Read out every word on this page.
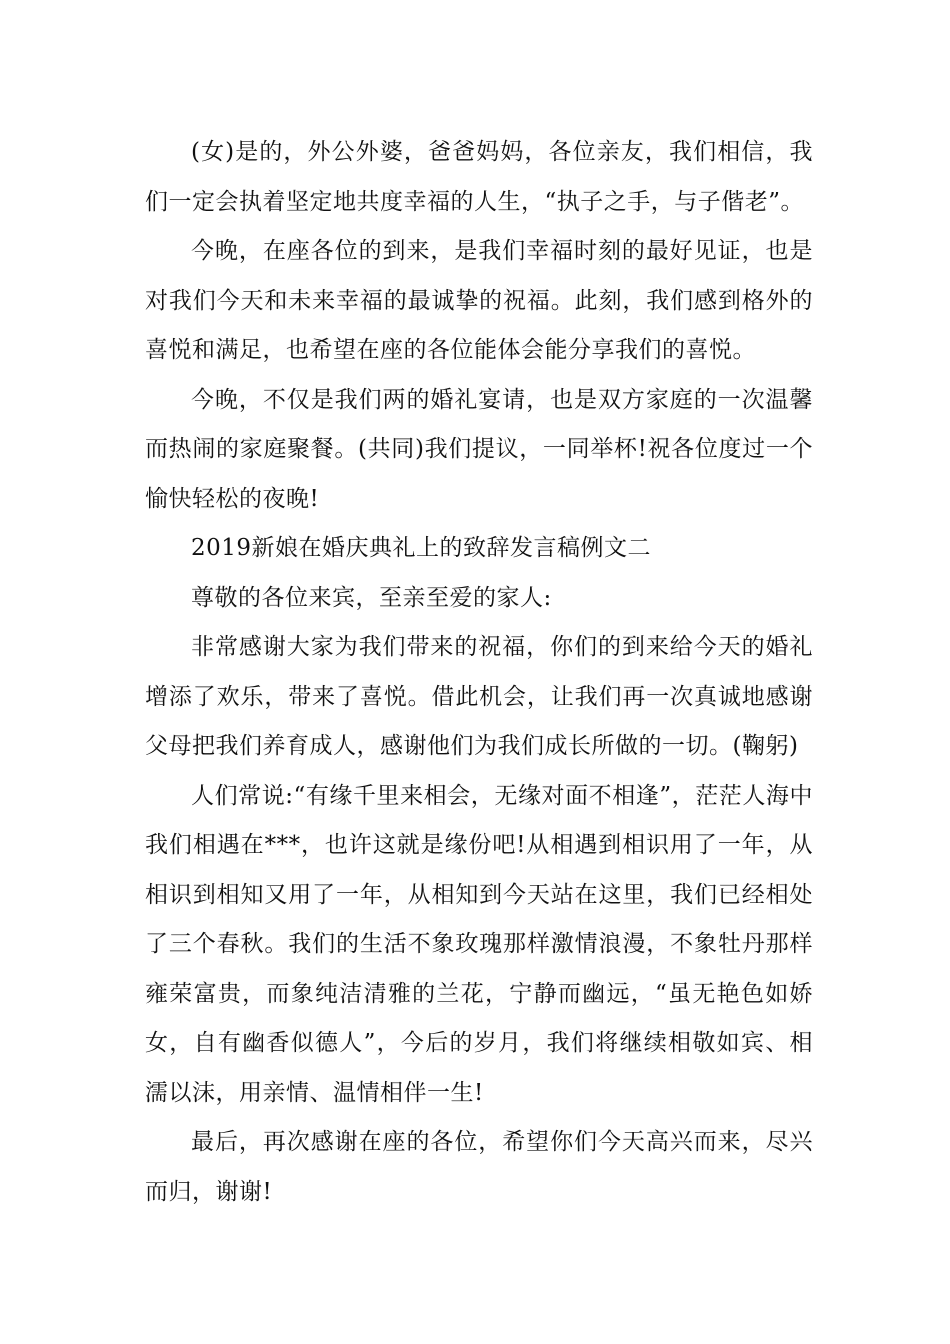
(女)是的，外公外婆，爸爸妈妈，各位亲友，我们相信，我们一定会执着坚定地共度幸福的人生，“执子之手，与子偕老”。

今晚，在座各位的到来，是我们幸福时刻的最好见证，也是对我们今天和未来幸福的最诚挚的祝福。此刻，我们感到格外的喜悦和满足，也希望在座的各位能体会能分享我们的喜悦。

今晚，不仅是我们两的婚礼宴请，也是双方家庭的一次温馨而热闹的家庭聚餐。(共同)我们提议，一同举杯!祝各位度过一个愉快轻松的夜晚!

2019新娘在婚庆典礼上的致辞发言稿例文二

尊敬的各位来宾，至亲至爱的家人:

非常感谢大家为我们带来的祝福，你们的到来给今天的婚礼增添了欢乐，带来了喜悦。借此机会，让我们再一次真诚地感谢父母把我们养育成人，感谢他们为我们成长所做的一切。(鞠躬)

人们常说:“有缘千里来相会，无缘对面不相逢”，茫茫人海中我们相遇在***，也许这就是缘份吧!从相遇到相识用了一年，从相识到相知又用了一年，从相知到今天站在这里，我们已经相处了三个春秋。我们的生活不象玫瑰那样激情浪漫，不象牡丹那样雍荣富贵，而象纯洁清雅的兰花，宁静而幽远，“虽无艳色如娇女，自有幽香似德人”，今后的岁月，我们将继续相敬如宾、相濡以沫，用亲情、温情相伴一生!

最后，再次感谢在座的各位，希望你们今天高兴而来，尽兴而归，谢谢!
